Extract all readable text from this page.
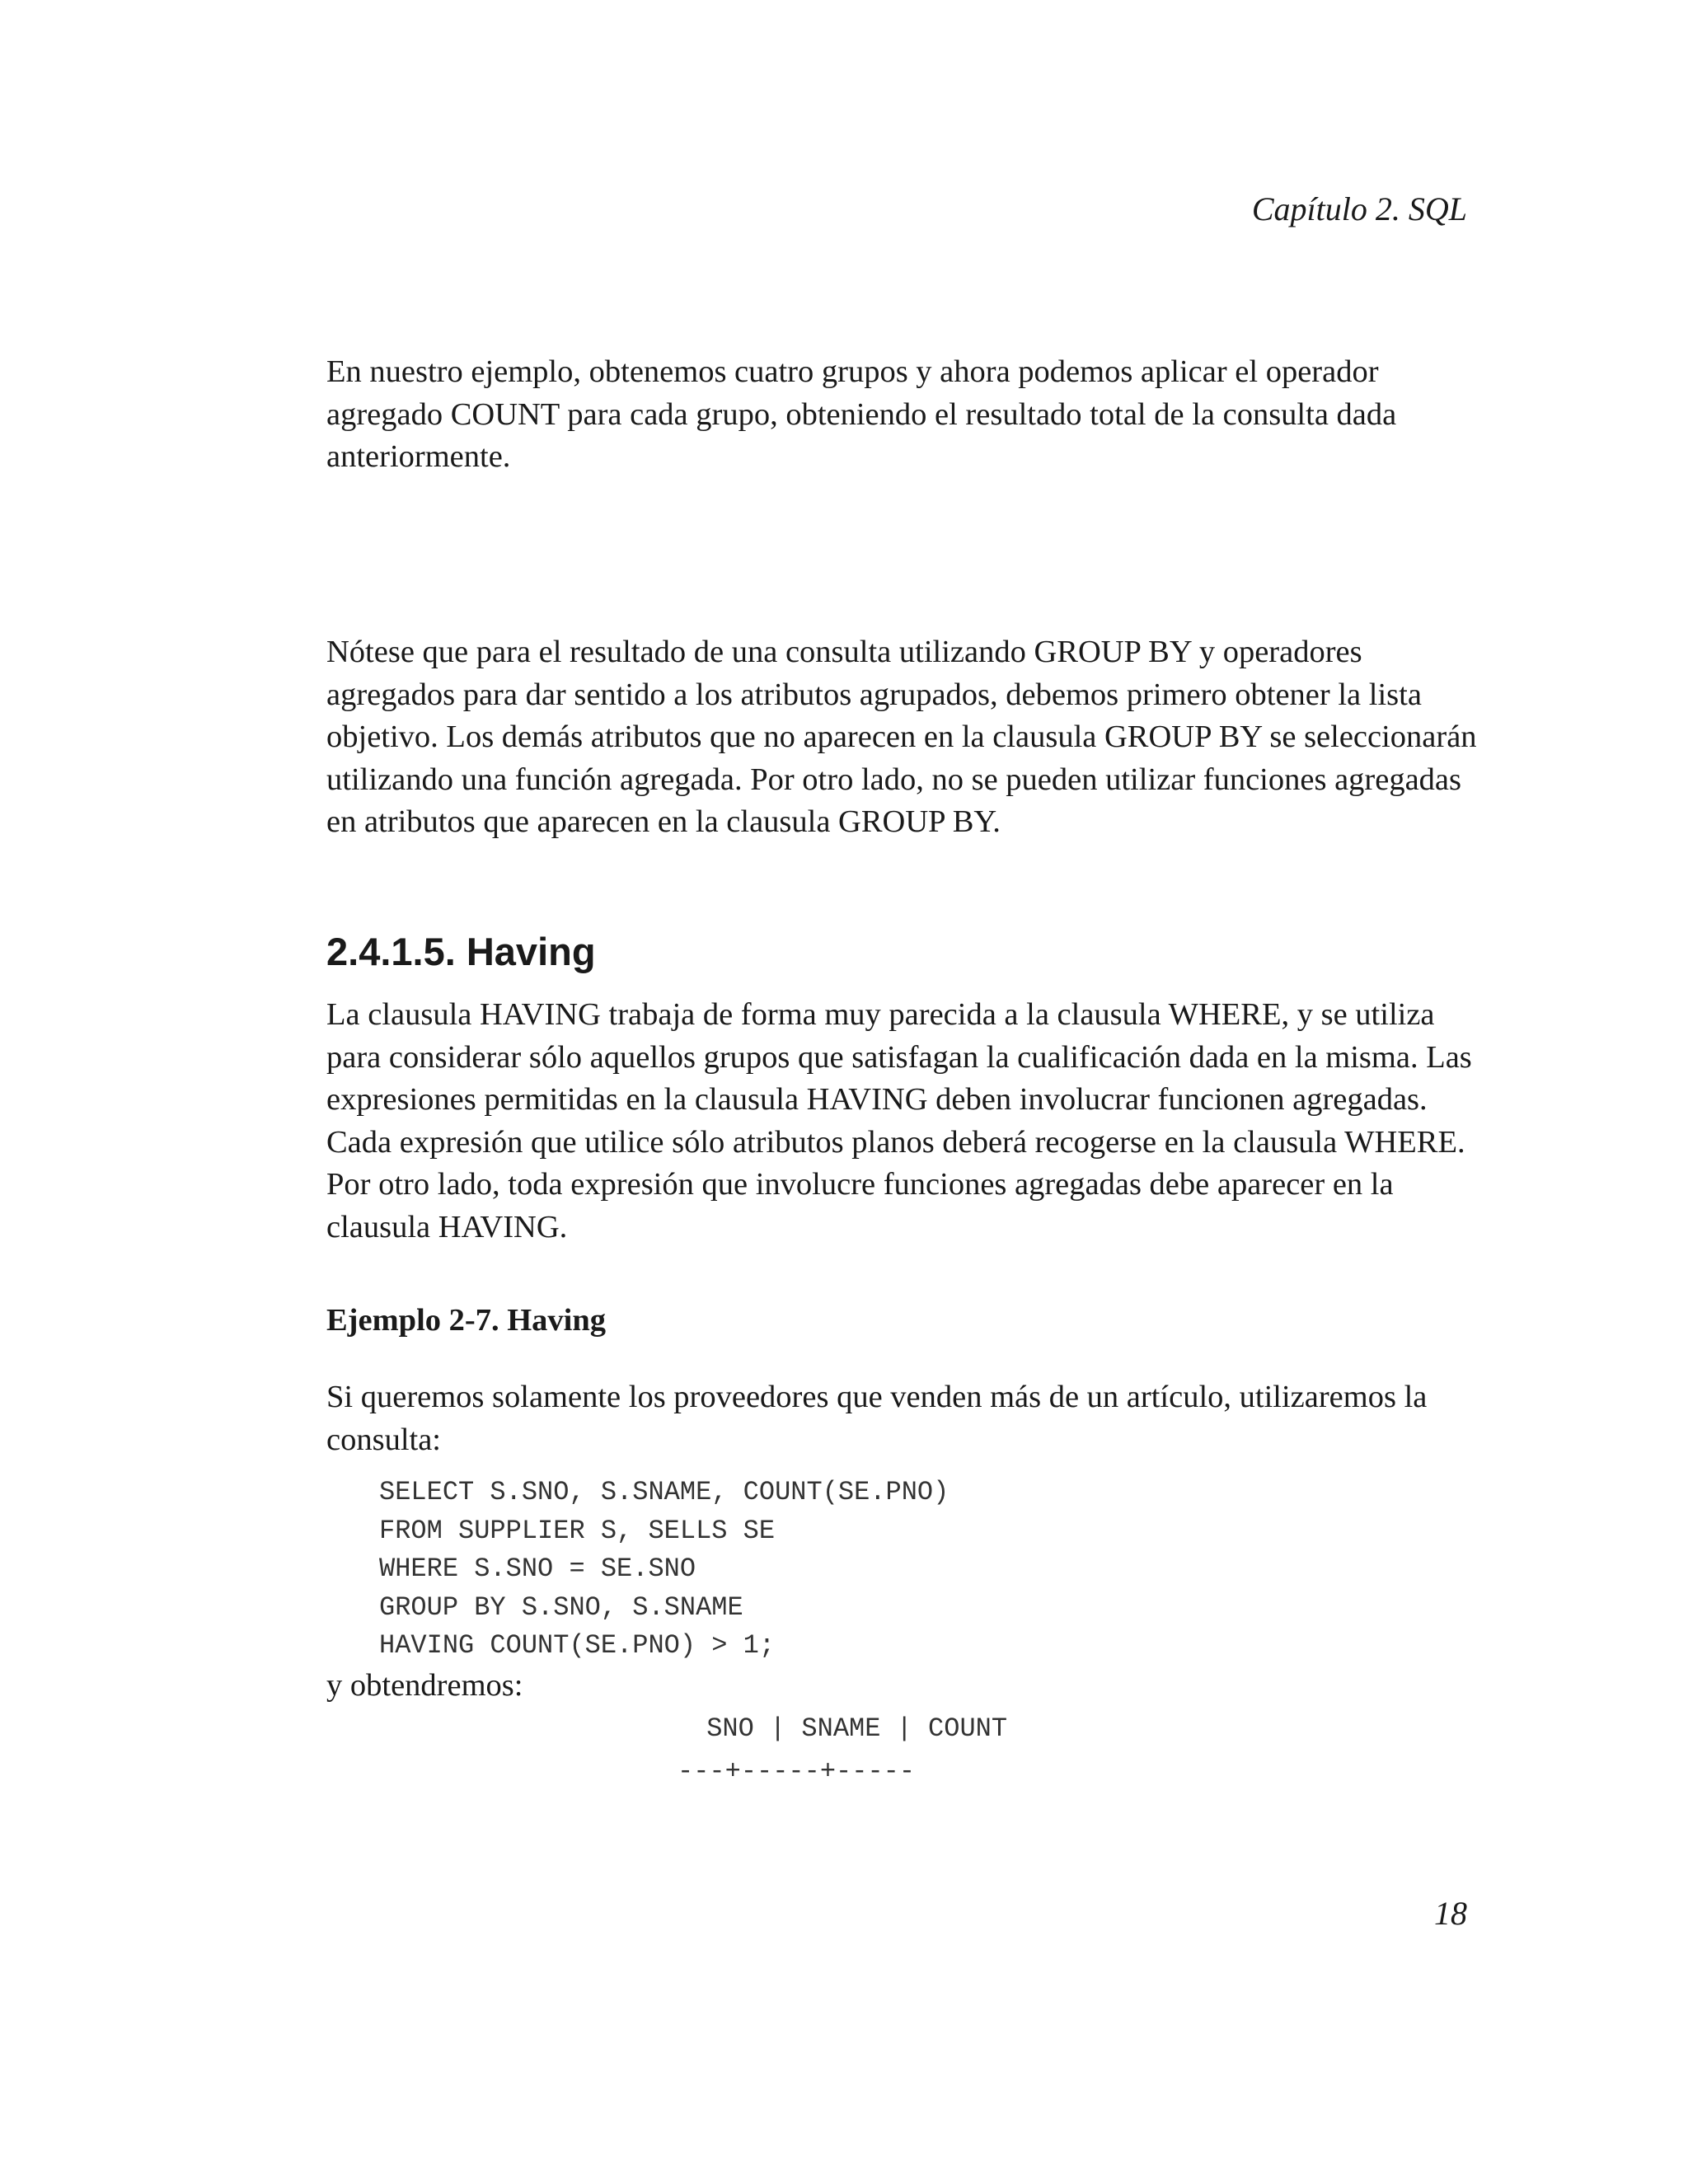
Capítulo 2. SQL

En nuestro ejemplo, obtenemos cuatro grupos y ahora podemos aplicar el operador agregado COUNT para cada grupo, obteniendo el resultado total de la consulta dada anteriormente.

Nótese que para el resultado de una consulta utilizando GROUP BY y operadores agregados para dar sentido a los atributos agrupados, debemos primero obtener la lista objetivo. Los demás atributos que no aparecen en la clausula GROUP BY se seleccionarán utilizando una función agregada. Por otro lado, no se pueden utilizar funciones agregadas en atributos que aparecen en la clausula GROUP BY.

2.4.1.5. Having

La clausula HAVING trabaja de forma muy parecida a la clausula WHERE, y se utiliza para considerar sólo aquellos grupos que satisfagan la cualificación dada en la misma. Las expresiones permitidas en la clausula HAVING deben involucrar funcionen agregadas. Cada expresión que utilice sólo atributos planos deberá recogerse en la clausula WHERE. Por otro lado, toda expresión que involucre funciones agregadas debe aparecer en la clausula HAVING.

Ejemplo 2-7. Having

Si queremos solamente los proveedores que venden más de un artículo, utilizaremos la consulta:

SELECT S.SNO, S.SNAME, COUNT(SE.PNO)
FROM SUPPLIER S, SELLS SE
WHERE S.SNO = SE.SNO
GROUP BY S.SNO, S.SNAME
HAVING COUNT(SE.PNO) > 1;

y obtendremos:

SNO | SNAME | COUNT
---+-----+-----
18
